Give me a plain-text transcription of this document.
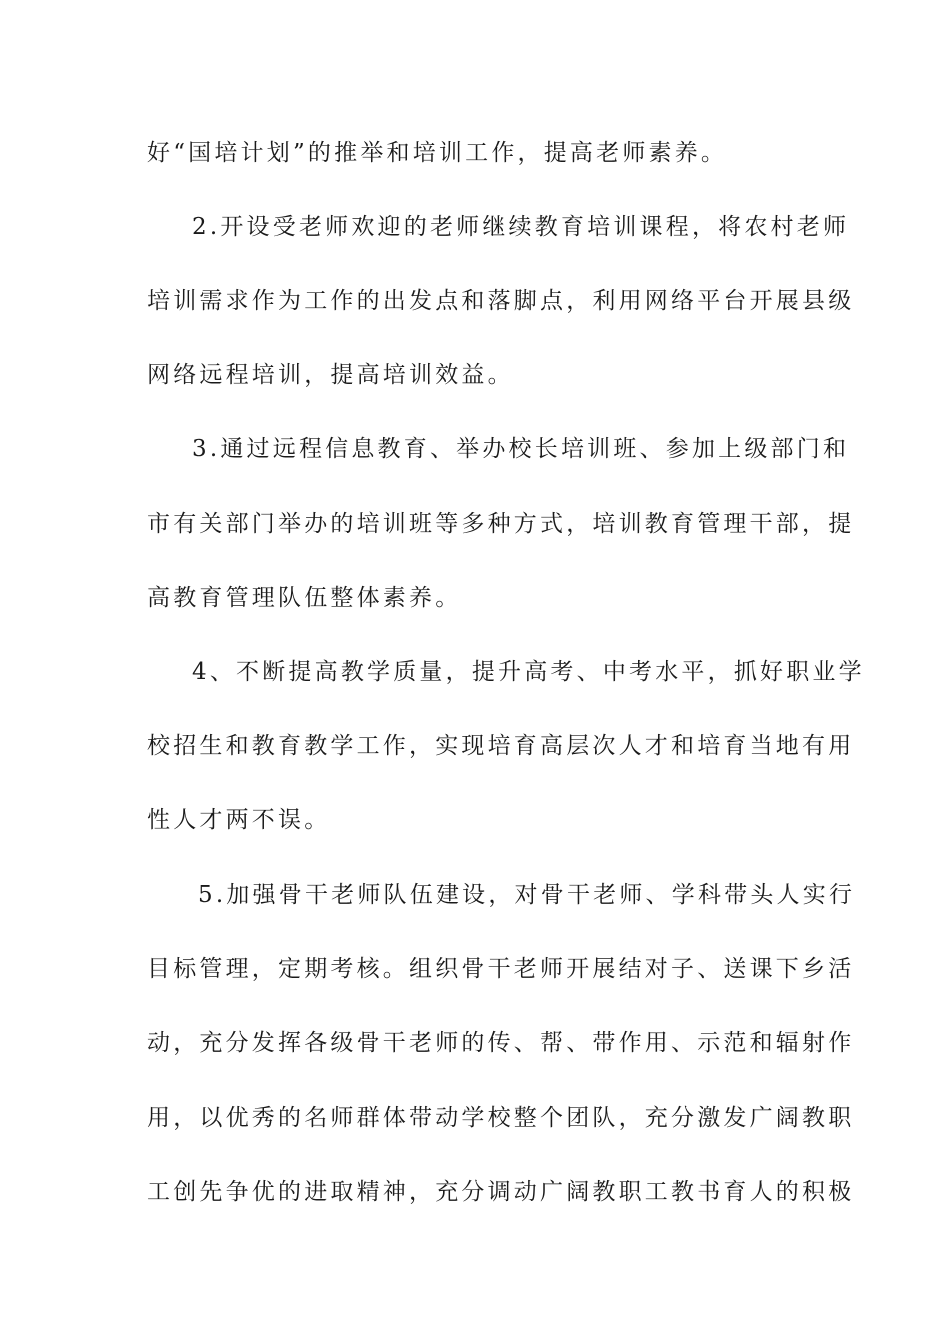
好“国培计划”的推举和培训工作，提高老师素养。
2.开设受老师欢迎的老师继续教育培训课程，将农村老师
培训需求作为工作的出发点和落脚点，利用网络平台开展县级
网络远程培训，提高培训效益。
3.通过远程信息教育、举办校长培训班、参加上级部门和
市有关部门举办的培训班等多种方式，培训教育管理干部，提
高教育管理队伍整体素养。
4、不断提高教学质量，提升高考、中考水平，抓好职业学
校招生和教育教学工作，实现培育高层次人才和培育当地有用
性人才两不误。
5.加强骨干老师队伍建设，对骨干老师、学科带头人实行
目标管理，定期考核。组织骨干老师开展结对子、送课下乡活
动，充分发挥各级骨干老师的传、帮、带作用、示范和辐射作
用，以优秀的名师群体带动学校整个团队，充分激发广阔教职
工创先争优的进取精神，充分调动广阔教职工教书育人的积极
